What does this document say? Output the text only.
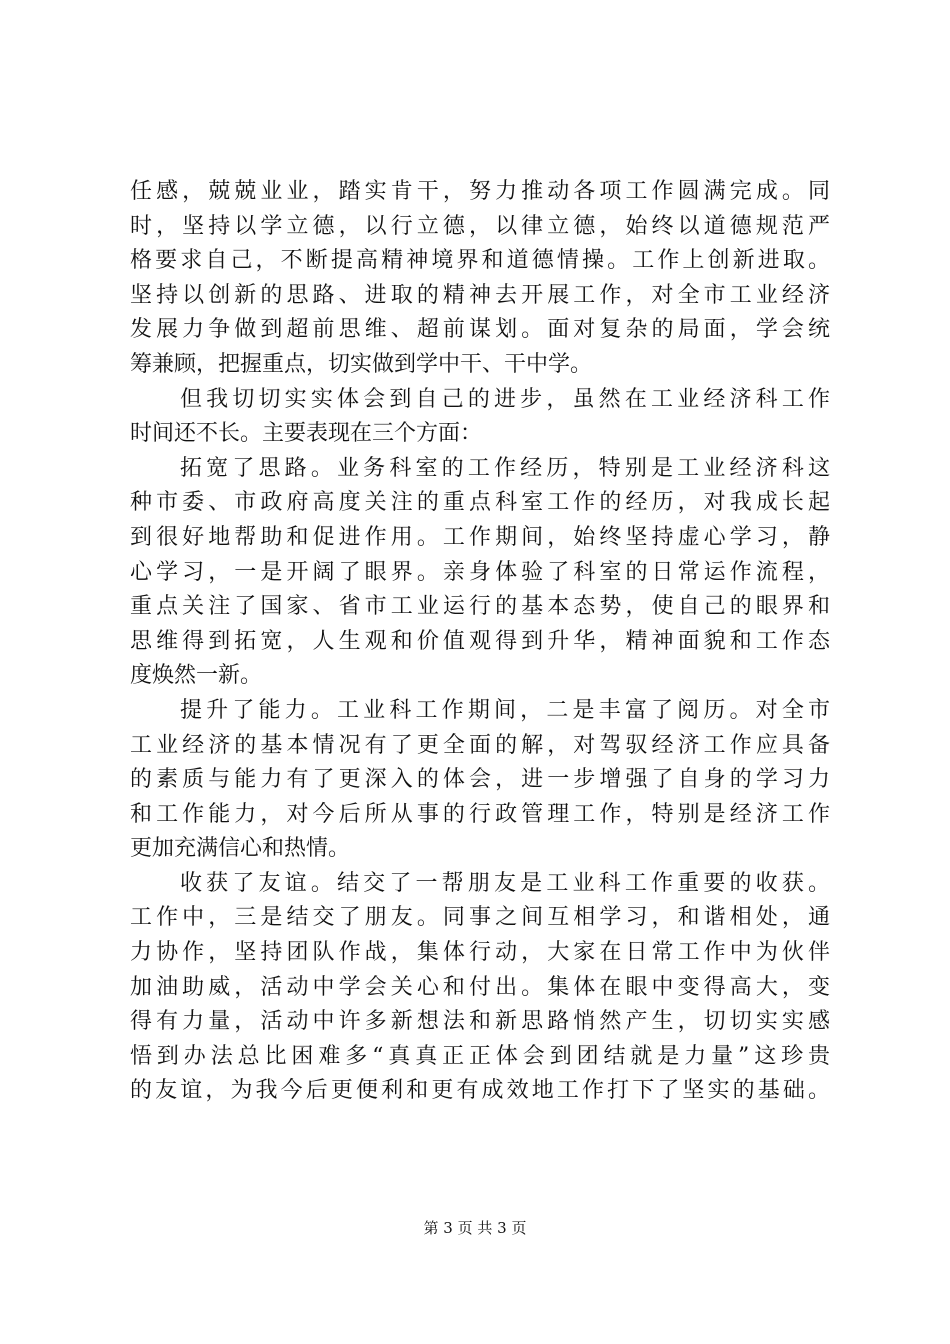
任感，兢兢业业，踏实肯干，努力推动各项工作圆满完成。同
时，坚持以学立德，以行立德，以律立德，始终以道德规范严
格要求自己，不断提高精神境界和道德情操。工作上创新进取。
坚持以创新的思路、进取的精神去开展工作，对全市工业经济
发展力争做到超前思维、超前谋划。面对复杂的局面，学会统
筹兼顾，把握重点，切实做到学中干、干中学。
但我切切实实体会到自己的进步，虽然在工业经济科工作
时间还不长。主要表现在三个方面：
拓宽了思路。业务科室的工作经历，特别是工业经济科这
种市委、市政府高度关注的重点科室工作的经历，对我成长起
到很好地帮助和促进作用。工作期间，始终坚持虚心学习，静
心学习，一是开阔了眼界。亲身体验了科室的日常运作流程，
重点关注了国家、省市工业运行的基本态势，使自己的眼界和
思维得到拓宽，人生观和价值观得到升华，精神面貌和工作态
度焕然一新。
提升了能力。工业科工作期间，二是丰富了阅历。对全市
工业经济的基本情况有了更全面的解，对驾驭经济工作应具备
的素质与能力有了更深入的体会，进一步增强了自身的学习力
和工作能力，对今后所从事的行政管理工作，特别是经济工作
更加充满信心和热情。
收获了友谊。结交了一帮朋友是工业科工作重要的收获。
工作中，三是结交了朋友。同事之间互相学习，和谐相处，通
力协作，坚持团队作战，集体行动，大家在日常工作中为伙伴
加油助威，活动中学会关心和付出。集体在眼中变得高大，变
得有力量，活动中许多新想法和新思路悄然产生，切切实实感
悟到办法总比困难多“真真正正体会到团结就是力量”这珍贵
的友谊，为我今后更便利和更有成效地工作打下了坚实的基础。
第 3 页 共 3 页
